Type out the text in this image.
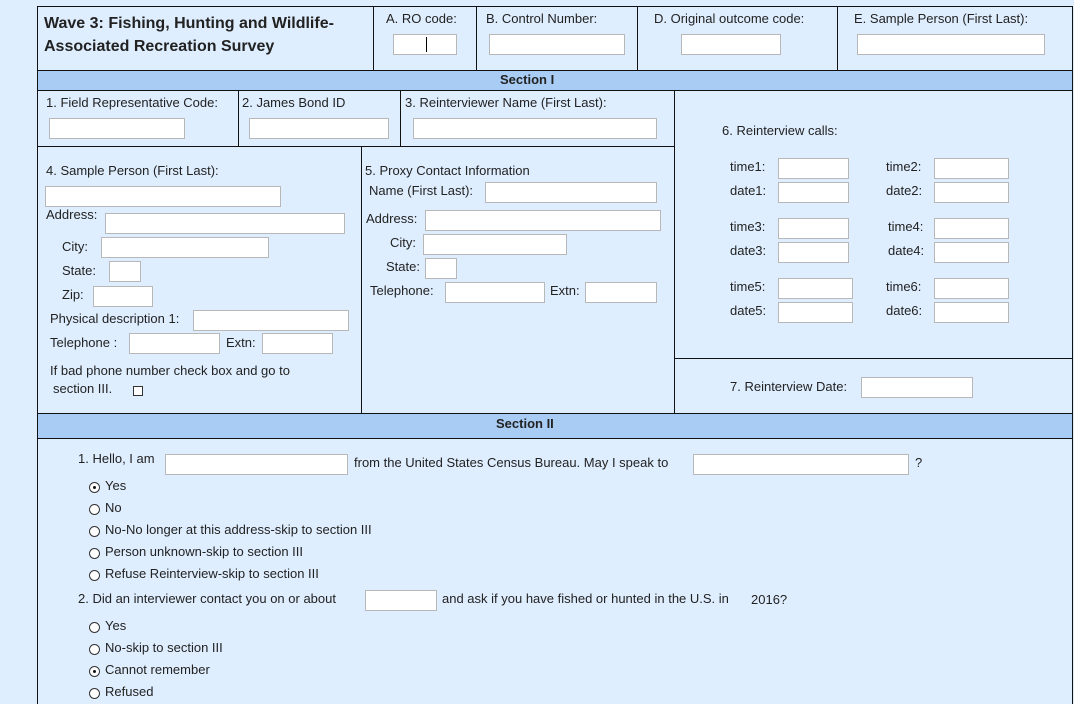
Wave 3: Fishing, Hunting and Wildlife-
Associated Recreation Survey
A. RO code: B. Control Number:	D. Original outcome code:	E. Sample Person (First Last):
Section I
1. Field Representative Code: 2. James Bond ID	3. Reinterviewer Name (First Last):
4. Sample Person (First Last):
Address:
City:
State:
Zip:
Physical description 1:
Telephone :	Extn:
If bad phone number check box and go to
section III.
5. Proxy Contact Information
Name (First Last):
Address:
City:
State:
Telephone:	Extn:
6. Reinterview calls:
time1:
date1:
time2:
date2:
time3:
date3:
time4:
date4:
time5:
date5:
time6:
date6:
7. Reinterview Date:
Section II
1. Hello, I am	from the United States Census Bureau. May I speak to	?
Yes
No
No-No longer at this address-skip to section III
Person unknown-skip to section III
Refuse Reinterview-skip to section III
2. Did an interviewer contact you on or about	and ask if you have fished or hunted in the U.S. in 2016?
Yes
No-skip to section III
Cannot remember
Refused
